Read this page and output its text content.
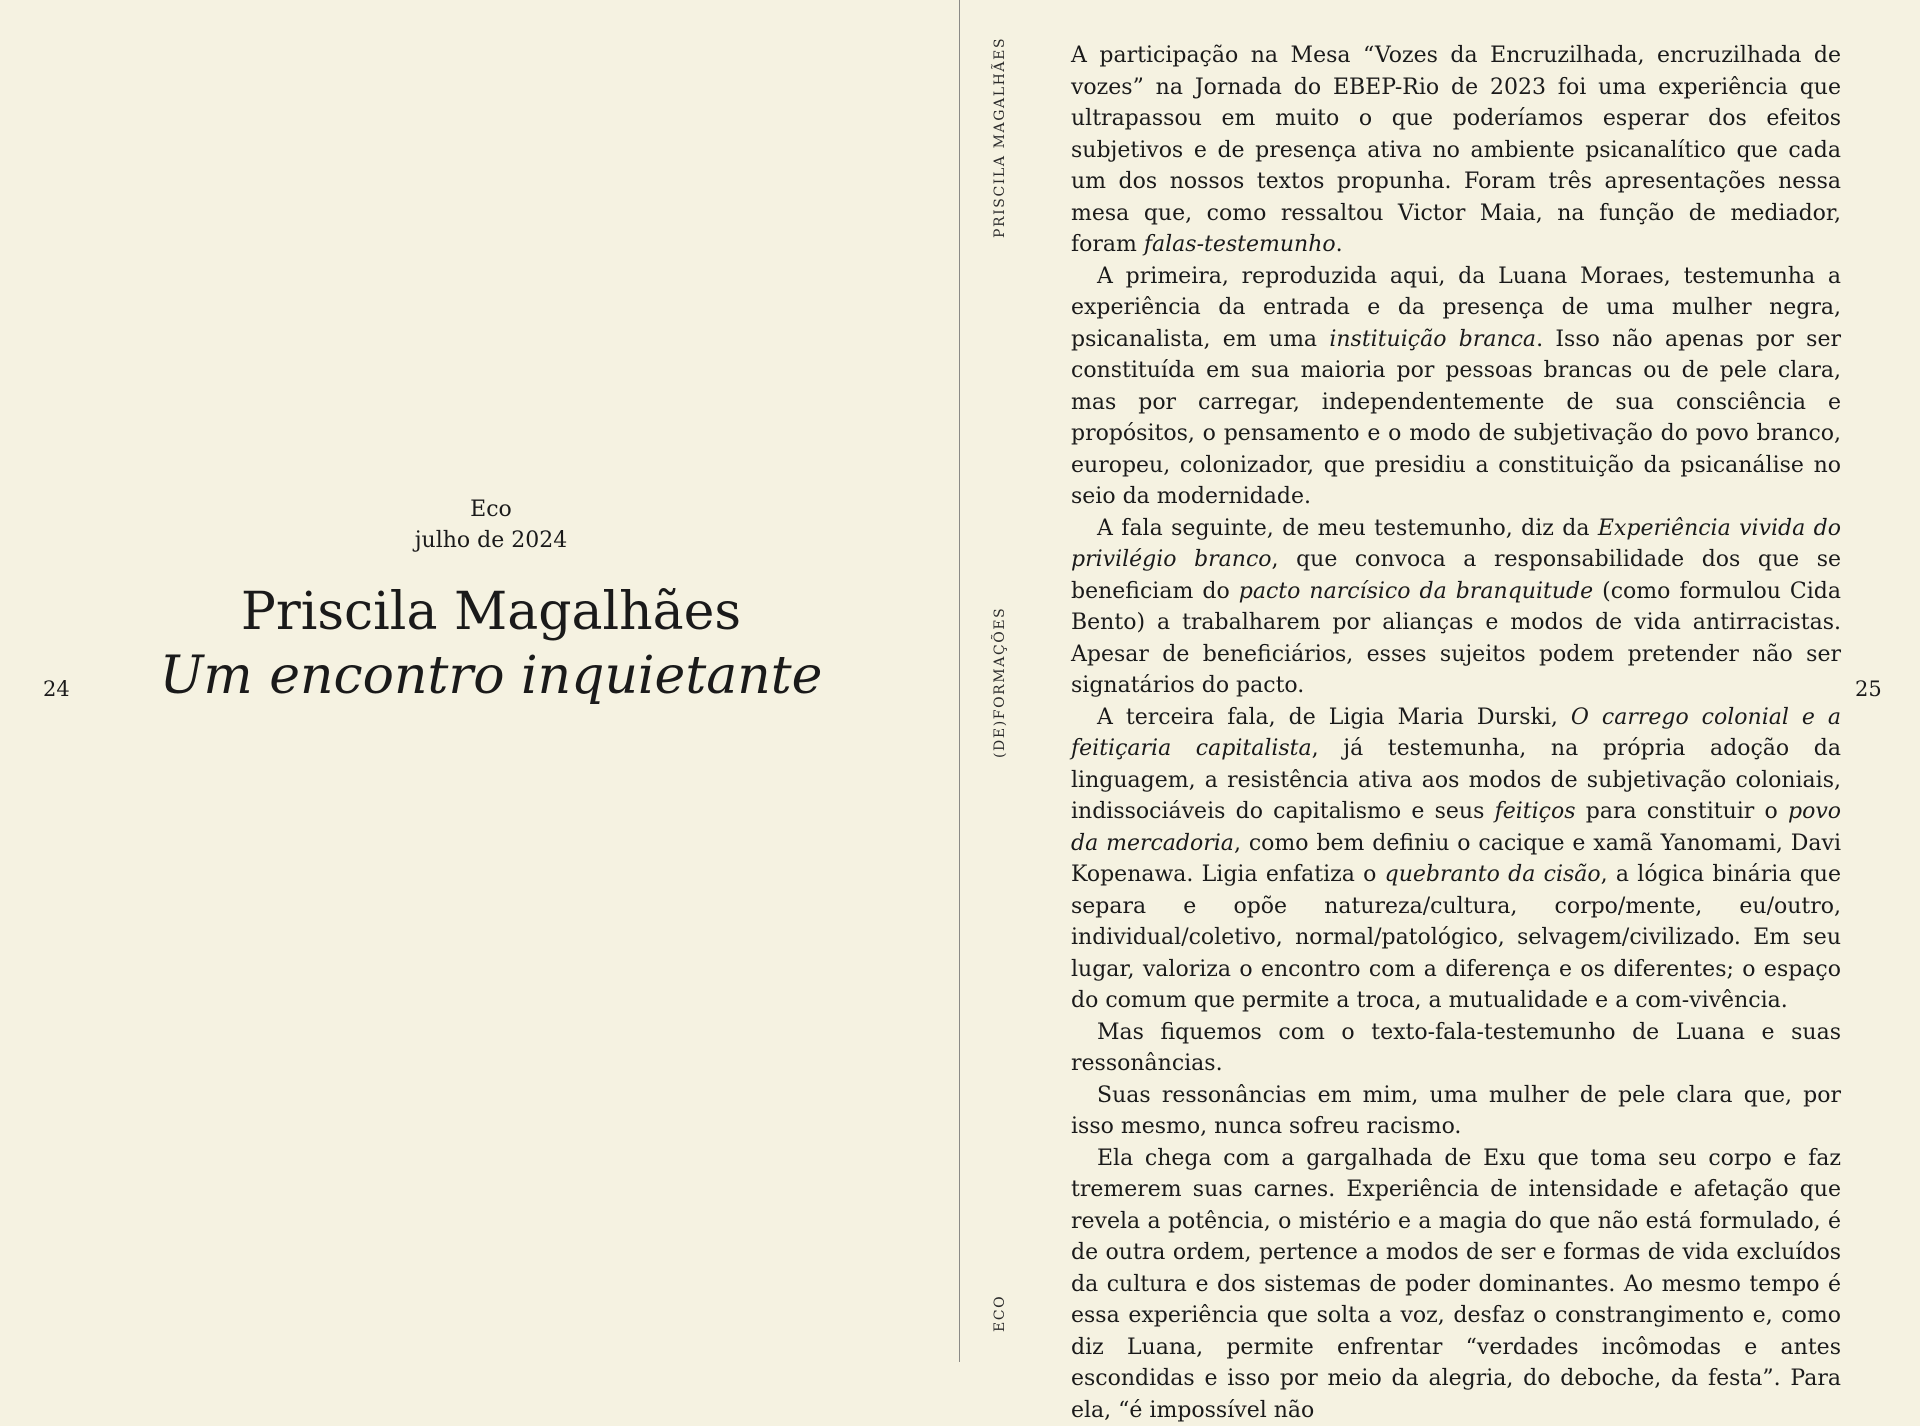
24
Eco
julho de 2024
Priscila Magalhães
Um encontro inquietante
PRISCILA MAGALHÃES
(DE)FORMAÇÕES
ECO

A participação na Mesa “Vozes da Encruzilhada, encruzilhada de vozes” na Jornada do EBEP-Rio de 2023 foi uma experiência que ultrapassou em muito o que poderíamos esperar dos efeitos subjetivos e de presença ativa no ambiente psicanalítico que cada um dos nossos textos propunha. Foram três apresentações nessa mesa que, como ressaltou Victor Maia, na função de mediador, foram falas-testemunho.

A primeira, reproduzida aqui, da Luana Moraes, testemunha a experiência da entrada e da presença de uma mulher negra, psicanalista, em uma instituição branca. Isso não apenas por ser constituída em sua maioria por pessoas brancas ou de pele clara, mas por carregar, independentemente de sua consciência e propósitos, o pensamento e o modo de subjetivação do povo branco, europeu, colonizador, que presidiu a constituição da psicanálise no seio da modernidade.

A fala seguinte, de meu testemunho, diz da Experiência vivida do privilégio branco, que convoca a responsabilidade dos que se beneficiam do pacto narcísico da branquitude (como formulou Cida Bento) a trabalharem por alianças e modos de vida antirracistas. Apesar de beneficiários, esses sujeitos podem pretender não ser signatários do pacto.

A terceira fala, de Ligia Maria Durski, O carrego colonial e a feitiçaria capitalista, já testemunha, na própria adoção da linguagem, a resistência ativa aos modos de subjetivação coloniais, indissociáveis do capitalismo e seus feitiços para constituir o povo da mercadoria, como bem definiu o cacique e xamã Yanomami, Davi Kopenawa. Ligia enfatiza o quebranto da cisão, a lógica binária que separa e opõe natureza/cultura, corpo/mente, eu/outro, individual/coletivo, normal/patológico, selvagem/civilizado. Em seu lugar, valoriza o encontro com a diferença e os diferentes; o espaço do comum que permite a troca, a mutualidade e a com-vivência.

Mas fiquemos com o texto-fala-testemunho de Luana e suas ressonâncias.

Suas ressonâncias em mim, uma mulher de pele clara que, por isso mesmo, nunca sofreu racismo.

Ela chega com a gargalhada de Exu que toma seu corpo e faz tremerem suas carnes. Experiência de intensidade e afetação que revela a potência, o mistério e a magia do que não está formulado, é de outra ordem, pertence a modos de ser e formas de vida excluídos da cultura e dos sistemas de poder dominantes. Ao mesmo tempo é essa experiência que solta a voz, desfaz o constrangimento e, como diz Luana, permite enfrentar “verdades incômodas e antes escondidas e isso por meio da alegria, do deboche, da festa”. Para ela, “é impossível não

25
